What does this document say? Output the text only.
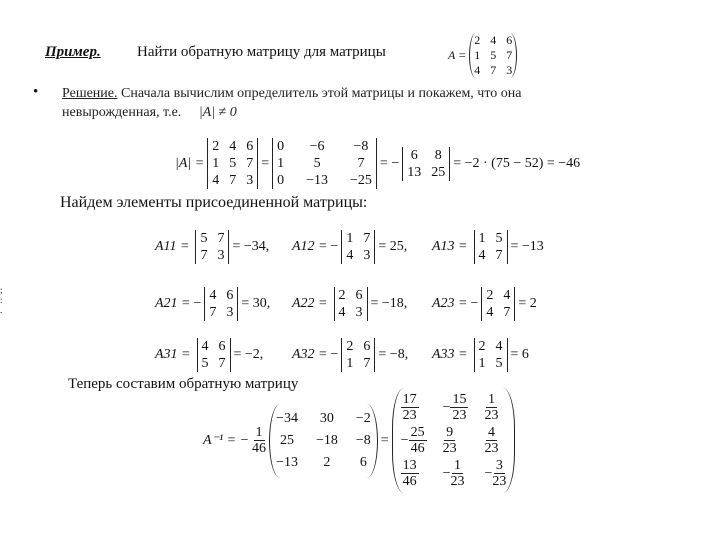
Пример. Найти обратную матрицу для матрицы	A =
2 4 6
1 5 7
4 7 3
• Решение. Сначала вычислим определитель этой матрицы и покажем, что она
невырожденная, т.е. |A| ≠ 0
|A| =
2 4 6
1 5 7
4 7 3
=
0 −6 −8
1	5	7
0 −13 −25
= −
6 8
13 25
= −2 · (75 − 52) = −46
Найдем элементы присоединенной матрицы:
A11 =
5 7
7 3
= −34, A12 = −
1 7
4 3
= 25, A13 =
1 5
4 7
= −13
A21 = −
4 6
7 3
= 30, A22 =
2 6
4 3
= −18, A23 = −
2 4
4 7
= 2
A31 =
4 6
5 7
= −2, A32 = −
2 6
1 7
= −8, A33 =
2 4
1 5
= 6
;
:
.
Теперь составим обратную матрицу
A⁻¹ = − $\frac{1}{46}$
−34 30 −2
25 −18 −8
−13	2	6
=
$\frac{17}{23} - \frac{15}{23} \frac{1}{23}$
− $\frac{25}{46} \frac{9}{23} \frac{4}{23}$
$\frac{13}{46} - \frac{1}{23} - \frac{3}{23}$
